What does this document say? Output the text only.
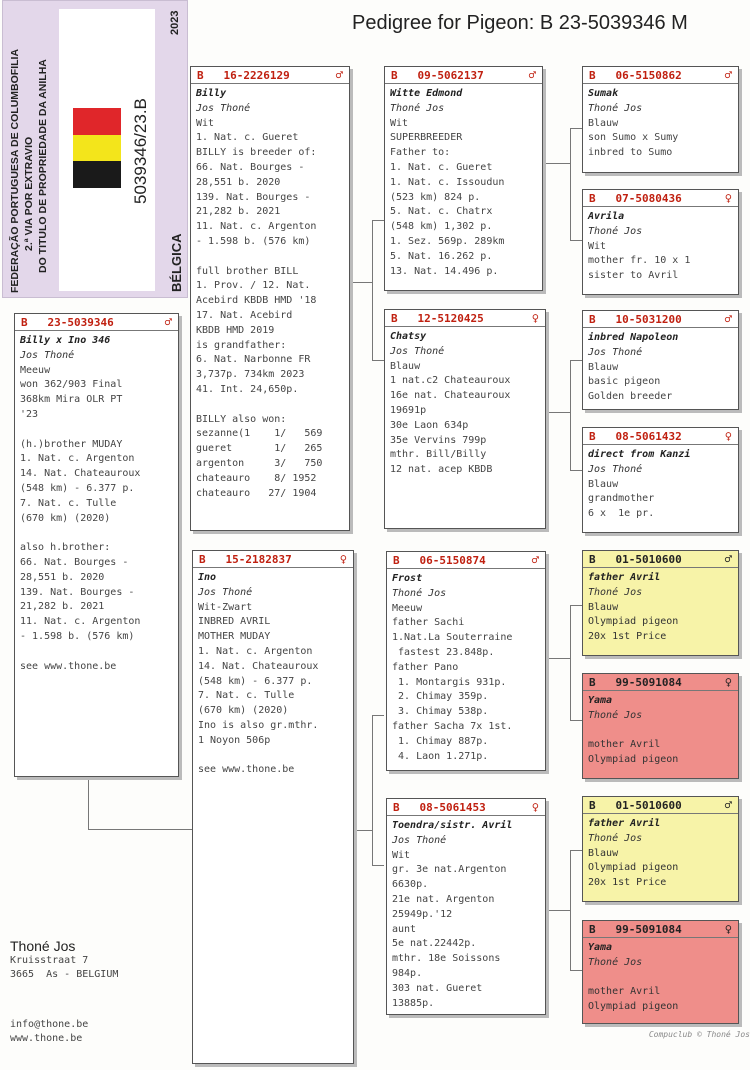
Pedigree for Pigeon: B 23-5039346 M
FEDERAÇÃO PORTUGUESA DE COLUMBOFILIA 2.ª VIA POR EXTRAVIO DO TITULO DE PROPRIEDADE DA ANILHA	5039346/23.B
BÉLGICA
2023
B 23-5039346	♂
Billy x Ino 346
Jos Thoné
Meeuw
won 362/903 Final
368km Mira OLR PT
'23

(h.)brother MUDAY
1. Nat. c. Argenton
14. Nat. Chateauroux
(548 km) - 6.377 p.
7. Nat. c. Tulle
(670 km) (2020)

also h.brother:
66. Nat. Bourges -
28,551 b. 2020
139. Nat. Bourges -
21,282 b. 2021
11. Nat. c. Argenton
- 1.598 b. (576 km)

see www.thone.be
B 16-2226129	♂
Billy
Jos Thoné
Wit
1. Nat. c. Gueret
BILLY is breeder of:
66. Nat. Bourges -
28,551 b. 2020
139. Nat. Bourges -
21,282 b. 2021
11. Nat. c. Argenton
- 1.598 b. (576 km)

full brother BILL
1. Prov. / 12. Nat.
Acebird KBDB HMD '18
17. Nat. Acebird
KBDB HMD 2019
is grandfather:
6. Nat. Narbonne FR
3,737p. 734km 2023
41. Int. 24,650p.

BILLY also won:
sezanne(1    1/   569
gueret       1/   265
argenton     3/   750
chateauro    8/ 1952
chateauro   27/ 1904
B 15-2182837	♀
Ino
Jos Thoné
Wit-Zwart
INBRED AVRIL
MOTHER MUDAY
1. Nat. c. Argenton
14. Nat. Chateauroux
(548 km) - 6.377 p.
7. Nat. c. Tulle
(670 km) (2020)
Ino is also gr.mthr.
1 Noyon 506p

see www.thone.be
B 09-5062137	♂
Witte Edmond
Thoné Jos
Wit
SUPERBREEDER
Father to:
1. Nat. c. Gueret
1. Nat. c. Issoudun
(523 km) 824 p.
5. Nat. c. Chatrx
(548 km) 1,302 p.
1. Sez. 569p. 289km
5. Nat. 16.262 p.
13. Nat. 14.496 p.
B 12-5120425	♀
Chatsy
Jos Thoné
Blauw
1 nat.c2 Chateauroux
16e nat. Chateauroux
19691p
30e Laon 634p
35e Vervins 799p
mthr. Bill/Billy
12 nat. acep KBDB
B 06-5150874	♂
Frost
Thoné Jos
Meeuw
father Sachi
1.Nat.La Souterraine
fastest 23.848p.
father Pano
1. Montargis 931p.
2. Chimay 359p.
3. Chimay 538p.
father Sacha 7x 1st.
1. Chimay 887p.
4. Laon 1.271p.
B 08-5061453	♀
Toendra/sistr. Avril
Jos Thoné
Wit
gr. 3e nat.Argenton
6630p.
21e nat. Argenton
25949p.'12
aunt
5e nat.22442p.
mthr. 18e Soissons
984p.
303 nat. Gueret
13885p.
B 06-5150862	♂
Sumak
Thoné Jos
Blauw
son Sumo x Sumy
inbred to Sumo
B 07-5080436	♀
Avrila
Thoné Jos
Wit
mother fr. 10 x 1
sister to Avril
B 10-5031200	♂
inbred Napoleon
Jos Thoné
Blauw
basic pigeon
Golden breeder
B 08-5061432	♀
direct from Kanzi
Jos Thoné
Blauw
grandmother
6 x  1e pr.
B 01-5010600	♂
father Avril
Thoné Jos
Blauw
Olympiad pigeon
20x 1st Price
B 99-5091084	♀
Yama
Thoné Jos

mother Avril
Olympiad pigeon
B 01-5010600	♂
father Avril
Thoné Jos
Blauw
Olympiad pigeon
20x 1st Price
B 99-5091084	♀
Yama
Thoné Jos

mother Avril
Olympiad pigeon
Thoné Jos
Kruisstraat 7
3665  As - BELGIUM
info@thone.be
www.thone.be	Compuclub © Thoné Jos
